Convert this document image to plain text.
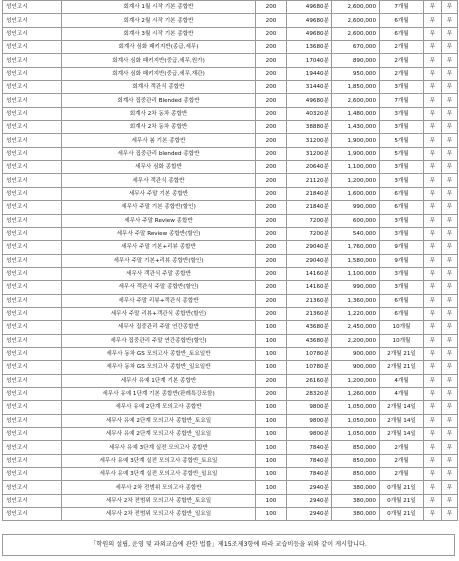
성인고시	회계사 1월 시작 기본 종합반	200	49680분	2,600,000	7개월	무	무
성인고시	회계사 2월 시작 기본 종합반	200	49680분	2,600,000	6개월	무	무
성인고시	회계사 3월 시작 기본 종합반	200	49680분	2,600,000	6개월	무	무
성인고시	회계사 심화 패키지반(종급,세무)	200	13680분	670,000	2개월	무	무
성인고시	회계사 심화 패키지반(중급,세무,원가)	200	17040분	890,000	2개월	무	무
성인고시	회계사 심화 패키지반(중급,세무,재관)	200	19440분	950,000	2개월	무	무
성인고시	회계사 객관식 종합반	200	31440분	1,850,000	3개월	무	무
성인고시	회계사 집중관리 Blended 종합반	200	49680분	2,600,000	7개월	무	무
성인고시	회계사 2차 동차 종합반	200	40320분	1,480,000	3개월	무	무
성인고시	회계사 2차 동차 종합반	200	38880분	1,430,000	3개월	무	무
성인고시	세무사 봄 기본 종합반	200	31200분	1,900,000	5개월	무	무
성인고시	세무사 집중관리 blended 종합반	200	31200분	1,900,000	5개월	무	무
성인고시	세무사 심화 종합반	200	20640분	1,100,000	3개월	무	무
성인고시	세무사 객관식 종합반	200	21120분	1,200,000	3개월	무	무
성인고시	세무사 주말 기본 종합반	200	21840분	1,600,000	6개월	무	무
성인고시	세무사 주말 기본 종합반(할인)	200	21840분	990,000	6개월	무	무
성인고시	세무사 주말 Review 종합반	200	7200분	600,000	3개월	무	무
성인고시	세무사 주말 Review 종합반(할인)	200	7200분	540,000	3개월	무	무
성인고시	세무사 주말 기본+리뷰 종합반	200	29040분	1,760,000	9개월	무	무
성인고시	세무사 주말 기본+리뷰 종합반(할인)	200	29040분	1,580,000	9개월	무	무
성인고시	세무사 객관식 주말 종합반	200	14160분	1,100,000	3개월	무	무
성인고시	세무사 객관식 주말 종합반(할인)	200	14160분	990,000	3개월	무	무
성인고시	세무사 주말 리뷰+객관식 종합반	200	21360분	1,360,000	6개월	무	무
성인고시	세무사 주말 리뷰+객관식 종합반(할인)	200	21360분	1,220,000	6개월	무	무
성인고시	세무사 집중관리 주말 연간종합반	100	43680분	2,450,000	10개월	무	무
성인고시	세무사 집중관리 주말 연간종합반(할인)	100	43680분	2,200,000	10개월	무	무
성인고시	세무사 동차 GS 모의고사 종합반_토요일반	100	10780분	900,000	2개월 21일	무	무
성인고시	세무사 동차 GS 모의고사 종합반_일요일반	100	10780분	900,000	2개월 21일	무	무
성인고시	세무사 유예 1단계 기본 종합반	200	26160분	1,200,000	4개월	무	무
성인고시	세무사 유예 1단계 기본 종합반(판례특강포함)	200	28320분	1,260,000	4개월	무	무
성인고시	세무사 유예 2단계 모의고사 종합반	100	9800분	1,050,000	2개월 14일	무	무
성인고시	세무사 유예 2단계 모의고사 종합반_토요일	100	9800분	1,050,000	2개월 14일	무	무
성인고시	세무사 유예 2단계 모의고사 종합반_일요일	100	9800분	1,050,000	2개월 14일	무	무
성인고시	세무사 유예 3단계 실전 모의고사 종합반	100	7840분	850,000	2개월	무	무
성인고시	세무사 유예 3단계 실전 모의고사 종합반_토요일	100	7840분	850,000	2개월	무	무
성인고시	세무사 유예 3단계 실전 모의고사 종합반_일요일	100	7840분	850,000	2개월	무	무
성인고시	세무사 2차 전범위 모의고사 종합반	100	2940분	380,000	0개월 21일	무	무
성인고시	세무사 2차 전범위 모의고사 종합반_토요일	100	2940분	380,000	0개월 21일	무	무
성인고시	세무사 2차 전범위 모의고사 종합반_일요일	100	2940분	380,000	0개월 21일	무	무
「학원의 설립, 운영 및 과외교습에 관한 법률」제15조제3항에 따라 교습비등을 위와 같이 게시합니다.
